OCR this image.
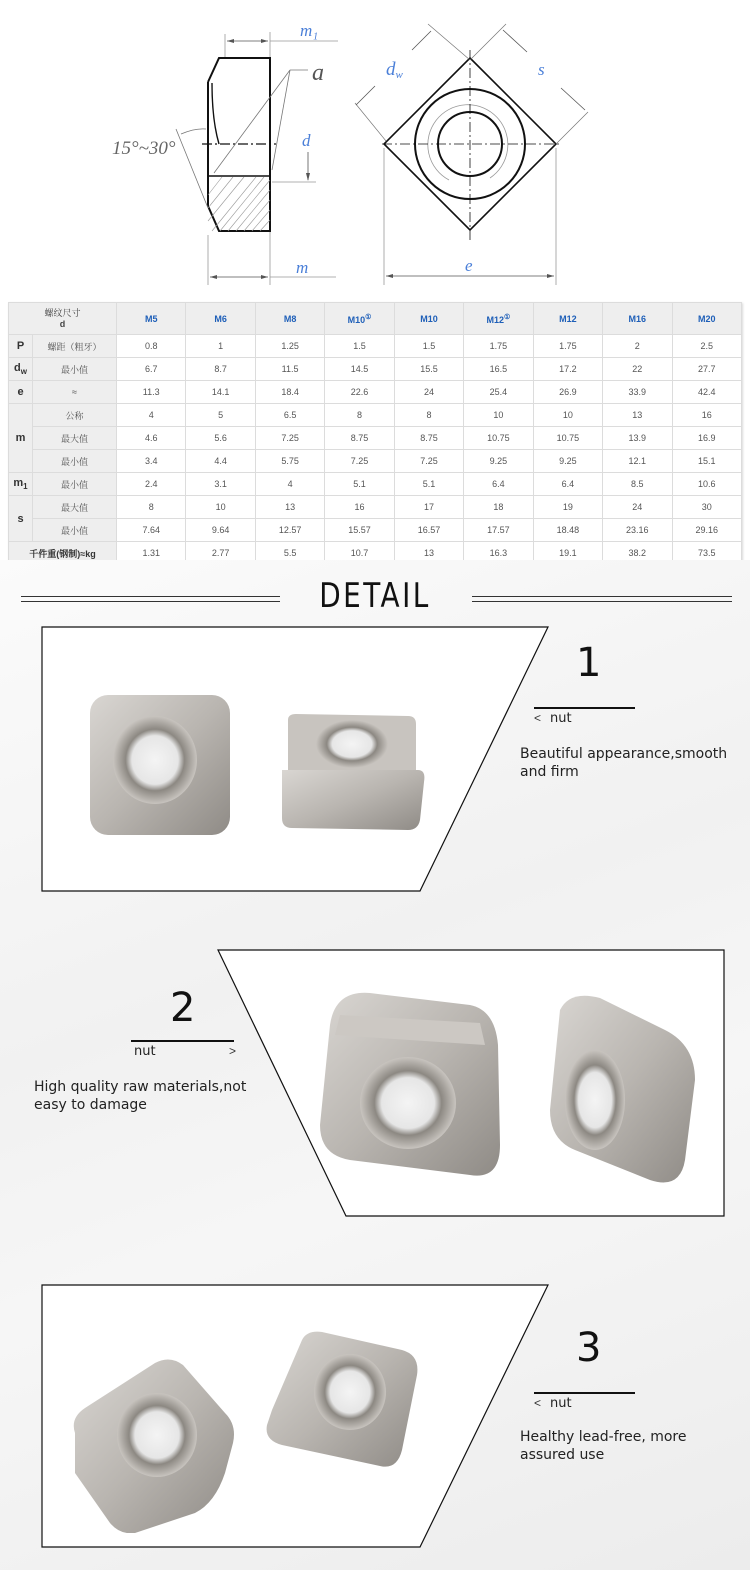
m₁
a
15°~30°	d
m
dw	s
e
螺纹尺寸
d		M5	M6	M8	M10①	M10	M12①	M12	M16	M20
P	螺距（粗牙）	0.8	1	1.25	1.5	1.5	1.75	1.75	2	2.5
$d_w$	最小值	6.7	8.7	11.5	14.5	15.5	16.5	17.2	22	27.7
e	≈	11.3	14.1	18.4	22.6	24	25.4	26.9	33.9	42.4
m	公称	4	5	6.5	8	8	10	10	13	16
	最大值	4.6	5.6	7.25	8.75	8.75	10.75	10.75	13.9	16.9
	最小值	3.4	4.4	5.75	7.25	7.25	9.25	9.25	12.1	15.1
$m_1$	最小值	2.4	3.1	4	5.1	5.1	6.4	6.4	8.5	10.6
s	最大值	8	10	13	16	17	18	19	24	30
	最小值	7.64	9.64	12.57	15.57	16.57	17.57	18.48	23.16	29.16
千件重(钢制)≈kg		1.31	2.77	5.5	10.7	13	16.3	19.1	38.2	73.5
DETAIL
1
< nut
Beautiful appearance,smooth
and firm
2
nut	>
High quality raw materials,not
easy to damage
3
< nut
Healthy lead-free, more
assured use
